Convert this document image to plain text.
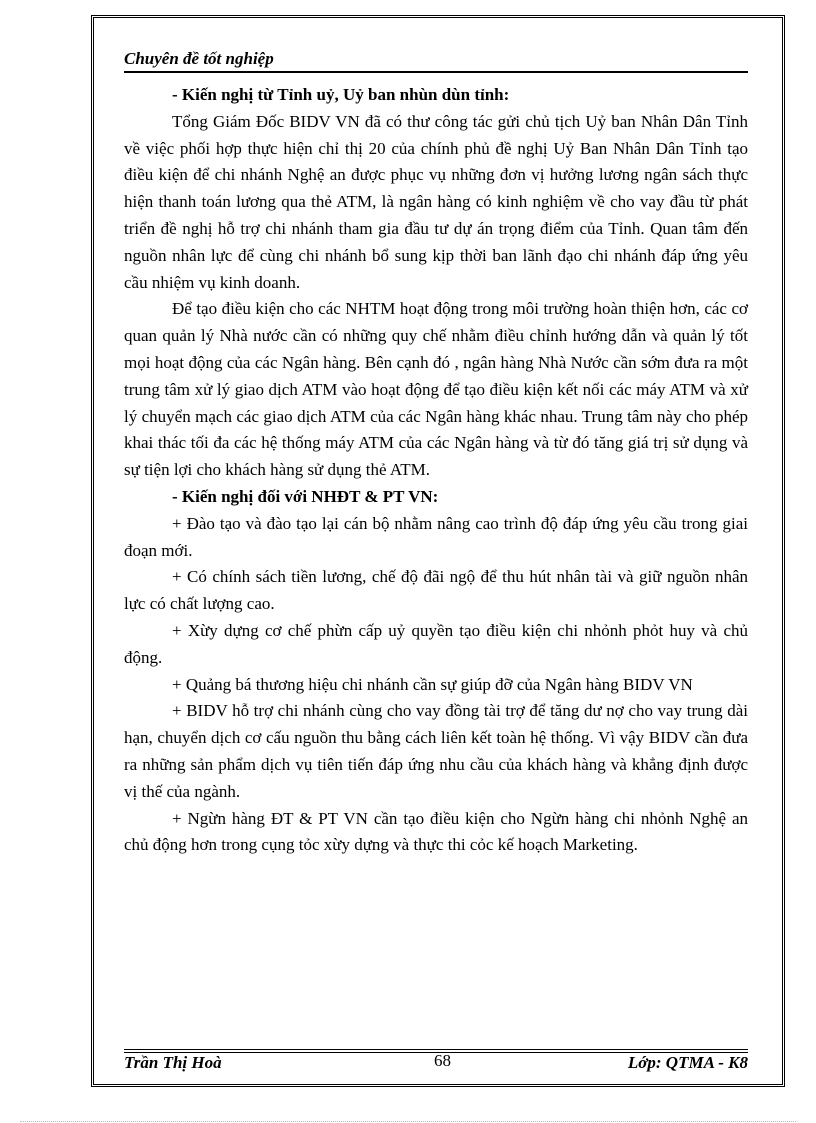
Chuyên đề tốt nghiệp

- Kiến nghị từ Tỉnh uỷ, Uỷ ban nhùn dùn tỉnh:

Tổng Giám Đốc BIDV VN đã có thư công tác gửi chủ tịch Uỷ ban Nhân Dân Tỉnh về việc phối hợp thực hiện chỉ thị 20 của chính phủ đề nghị Uỷ Ban Nhân Dân Tỉnh tạo điều kiện để chi nhánh Nghệ an được phục vụ những đơn vị hưởng lương ngân sách thực hiện thanh toán lương qua thẻ ATM, là ngân hàng có kinh nghiệm về cho vay đầu từ phát triển đề nghị hỗ trợ chi nhánh tham gia đầu tư dự án trọng điểm của Tỉnh. Quan tâm đến nguồn nhân lực để cùng chi nhánh bổ sung kịp thời ban lãnh đạo chi nhánh đáp ứng yêu cầu nhiệm vụ kinh doanh.

Để tạo điều kiện cho các NHTM hoạt động trong môi trường hoàn thiện hơn, các cơ quan quản lý Nhà nước cần có những quy chế nhằm điều chỉnh hướng dẫn và quản lý tốt mọi hoạt động của các Ngân hàng. Bên cạnh đó , ngân hàng Nhà Nước cần sớm đưa ra một trung tâm xử lý giao dịch ATM vào hoạt động để tạo điều kiện kết nối các máy ATM và xử lý chuyển mạch các giao dịch ATM của các Ngân hàng khác nhau. Trung tâm này cho phép khai thác tối đa các hệ thống máy ATM của các Ngân hàng và từ đó tăng giá trị sử dụng và sự tiện lợi cho khách hàng sử dụng thẻ ATM.

- Kiến nghị đối với NHĐT & PT VN:

+ Đào tạo và đào tạo lại cán bộ nhằm nâng cao trình độ đáp ứng yêu cầu trong giai đoạn mới.

+ Có chính sách tiền lương, chế độ đãi ngộ để thu hút nhân tài và giữ nguồn nhân lực có chất lượng cao.

+ Xừy dựng cơ chế phừn cấp uỷ quyền tạo điều kiện chi nhỏnh phỏt huy và chủ động.

+ Quảng bá thương hiệu chi nhánh cần sự giúp đỡ của Ngân hàng BIDV VN

+ BIDV hỗ trợ chi nhánh cùng cho vay đồng tài trợ để tăng dư nợ cho vay trung dài hạn, chuyển dịch cơ cấu nguồn thu bằng cách liên kết toàn hệ thống. Vì vậy BIDV cần đưa ra những sản phẩm dịch vụ tiên tiến đáp ứng nhu cầu của khách hàng và khẳng định được vị thế của ngành.

+ Ngừn hàng ĐT & PT VN cần tạo điều kiện cho Ngừn hàng chi nhỏnh Nghệ an chủ động hơn trong cụng tỏc xừy dựng và thực thi cỏc kế hoạch Marketing.

Trần Thị Hoà	68	Lớp: QTMA - K8
